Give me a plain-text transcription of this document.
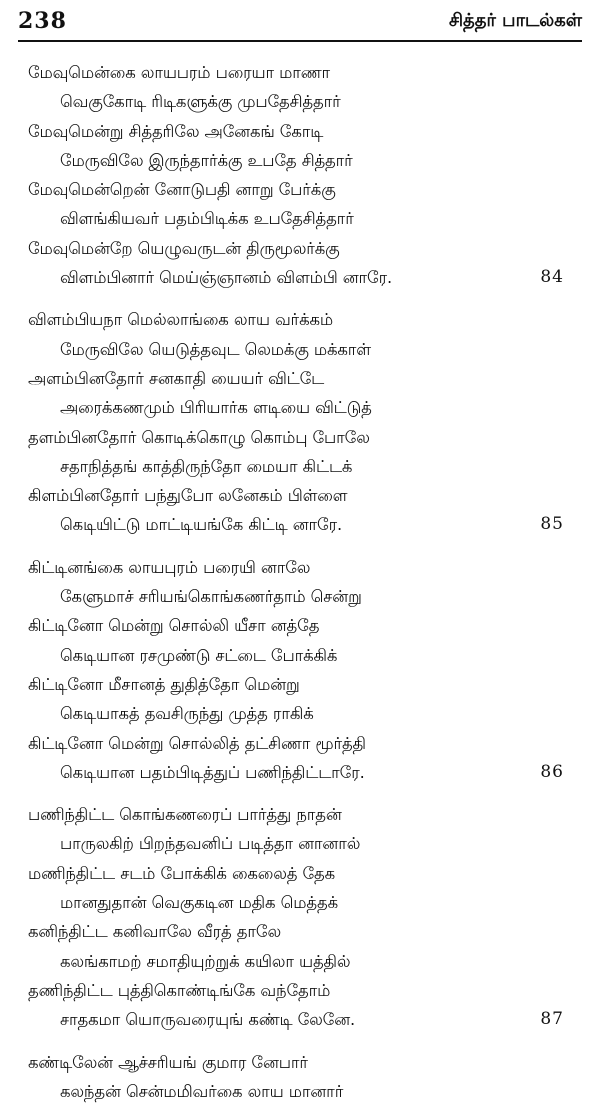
238	சித்தர் பாடல்கள்
மேவுமென்கை லாயபரம் பரையா மாணா
வெகுகோடி ரிடிகளுக்கு முபதேசித்தார்
மேவுமென்று சித்தரிலே அனேகங் கோடி
மேருவிலே இருந்தார்க்கு உபதே சித்தார்
மேவுமென்றென் னோடுபதி னாறு பேர்க்கு
விளங்கியவர் பதம்பிடிக்க உபதேசித்தார்
மேவுமென்றே யெழுவருடன் திருமூலர்க்கு
விளம்பினார் மெய்ஞ்ஞானம் விளம்பி னாரே.	84
விளம்பியநா மெல்லாங்கை லாய வர்க்கம்
மேருவிலே யெடுத்தவுட லெமக்கு மக்காள்
அளம்பினதோர் சனகாதி யையர் விட்டே
அரைக்கணமும் பிரியார்க ளடியை விட்டுத்
தளம்பினதோர் கொடிக்கொழு கொம்பு போலே
சதாநித்தங் காத்திருந்தோ மையா கிட்டக்
கிளம்பினதோர் பந்துபோ லனேகம் பிள்ளை
கெடியிட்டு மாட்டியங்கே கிட்டி னாரே.	85
கிட்டினங்கை லாயபுரம் பரையி னாலே
கேளுமாச் சரியங்கொங்கணர்தாம் சென்று
கிட்டினோ மென்று சொல்லி யீசா னத்தே
கெடியான ரசமுண்டு சட்டை போக்கிக்
கிட்டினோ மீசானத் துதித்தோ மென்று
கெடியாகத் தவசிருந்து முத்த ராகிக்
கிட்டினோ மென்று சொல்லித் தட்சிணா மூர்த்தி
கெடியான பதம்பிடித்துப் பணிந்திட்டாரே.	86
பணிந்திட்ட கொங்கணரைப் பார்த்து நாதன்
பாருலகிற் பிறந்தவனிப் படித்தா னானால்
மணிந்திட்ட சடம் போக்கிக் கைலைத் தேக
மானதுதான் வெகுகடின மதிக மெத்தக்
கனிந்திட்ட கனிவாலே வீரத் தாலே
கலங்காமற் சமாதியுற்றுக் கயிலா யத்தில்
தணிந்திட்ட புத்திகொண்டிங்கே வந்தோம்
சாதகமா யொருவரையுங் கண்டி லேனே.	87
கண்டிலேன் ஆச்சரியங் குமார னேபார்
கலந்தன் சென்மமிவர்கை லாய மானார்
